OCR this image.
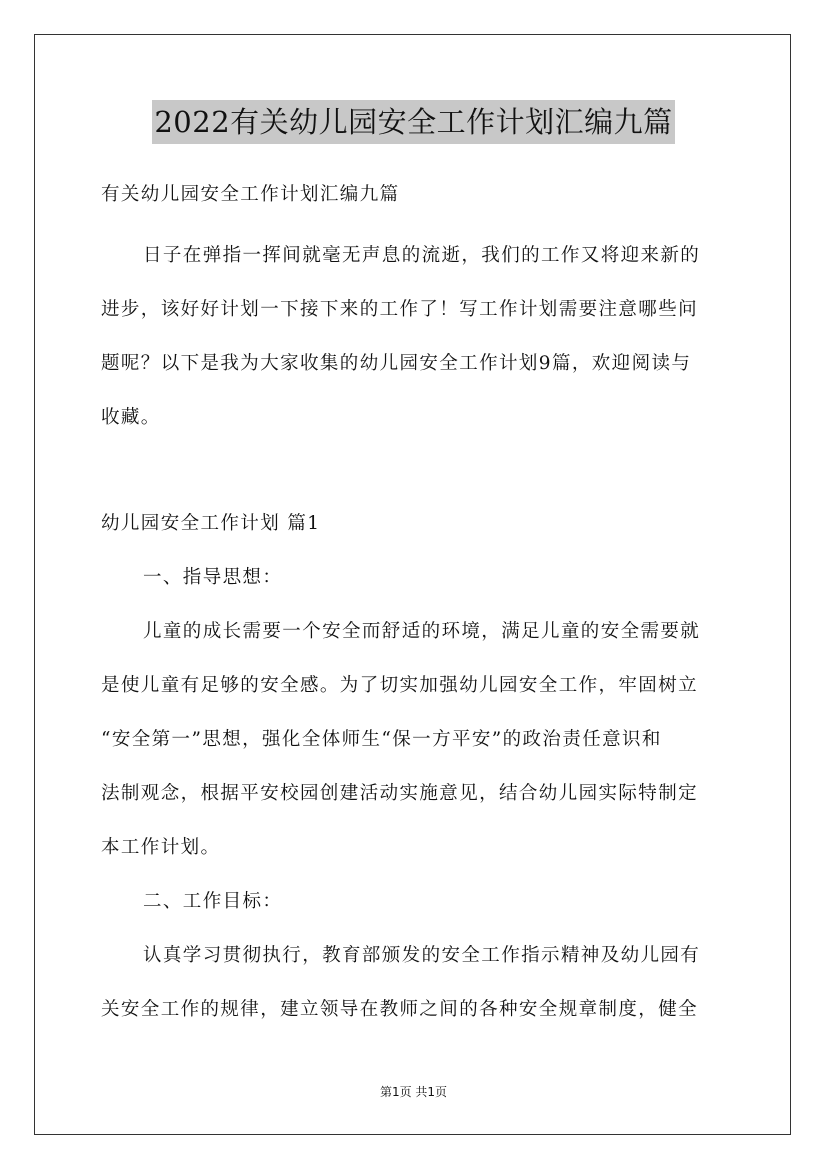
2022有关幼儿园安全工作计划汇编九篇
有关幼儿园安全工作计划汇编九篇
日子在弹指一挥间就毫无声息的流逝，我们的工作又将迎来新的
进步，该好好计划一下接下来的工作了！写工作计划需要注意哪些问
题呢？以下是我为大家收集的幼儿园安全工作计划9篇，欢迎阅读与
收藏。
幼儿园安全工作计划 篇1
一、指导思想：
儿童的成长需要一个安全而舒适的环境，满足儿童的安全需要就
是使儿童有足够的安全感。为了切实加强幼儿园安全工作，牢固树立
“安全第一”思想，强化全体师生“保一方平安”的政治责任意识和
法制观念，根据平安校园创建活动实施意见，结合幼儿园实际特制定
本工作计划。
二、工作目标：
认真学习贯彻执行，教育部颁发的安全工作指示精神及幼儿园有
关安全工作的规律，建立领导在教师之间的各种安全规章制度，健全
第1页 共1页
